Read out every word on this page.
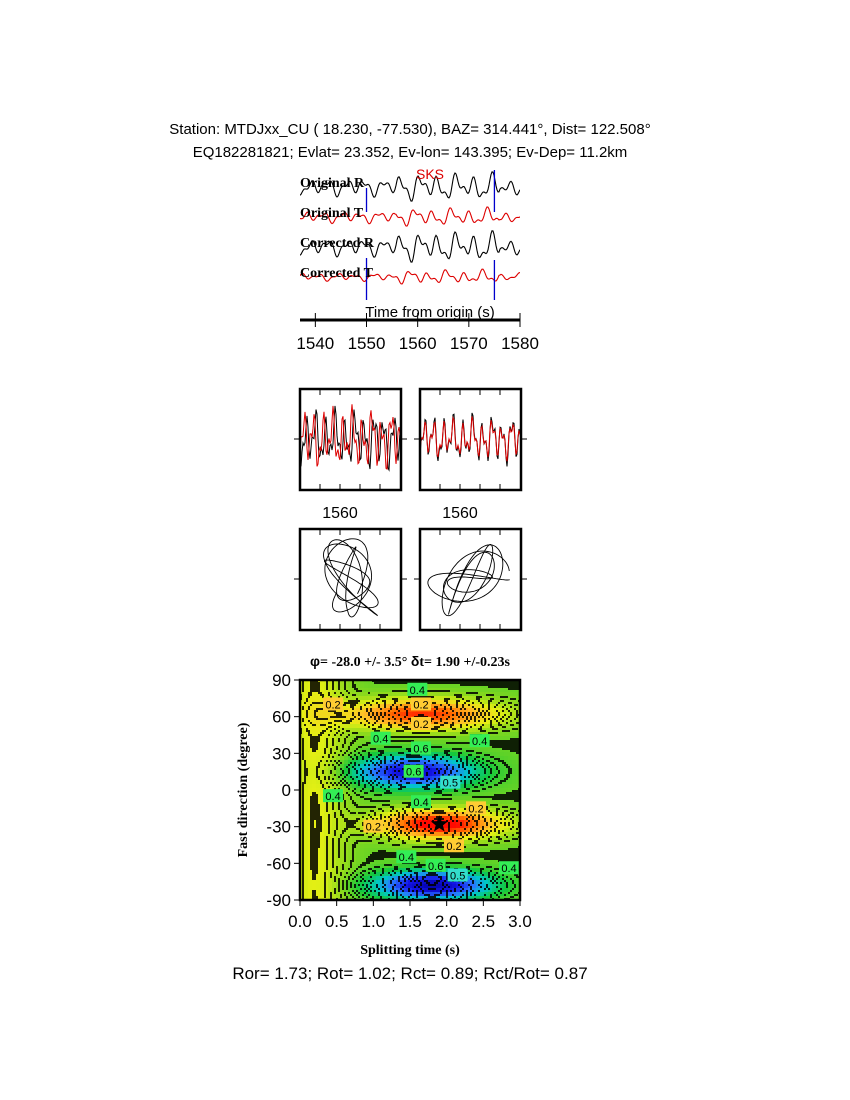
Station: MTDJxx_CU ( 18.230, -77.530), BAZ= 314.441°, Dist= 122.508°
EQ182281821; Evlat= 23.352, Ev-lon= 143.395; Ev-Dep= 11.2km
Original R
Original T
Corrected R
Corrected T
SKS
Time from origin (s)
1540 1550 1560 1570 1580
1560	1560
φ= -28.0 +/- 3.5° δt= 1.90 +/-0.23s
0.4
0.2
0.2
0.4
0.6
0.4
0.6
0.5
0.4
0.2
0.2
0.4
0.6	0.4
0.2
0.4
0.2
0.5
0.0 0.5 1.0 1.5 2.0 2.5 3.0
90
60
30
0
-30
-60
-90
Splitting time (s)
Fast direction (degree)
Ror= 1.73; Rot= 1.02; Rct= 0.89; Rct/Rot= 0.87
